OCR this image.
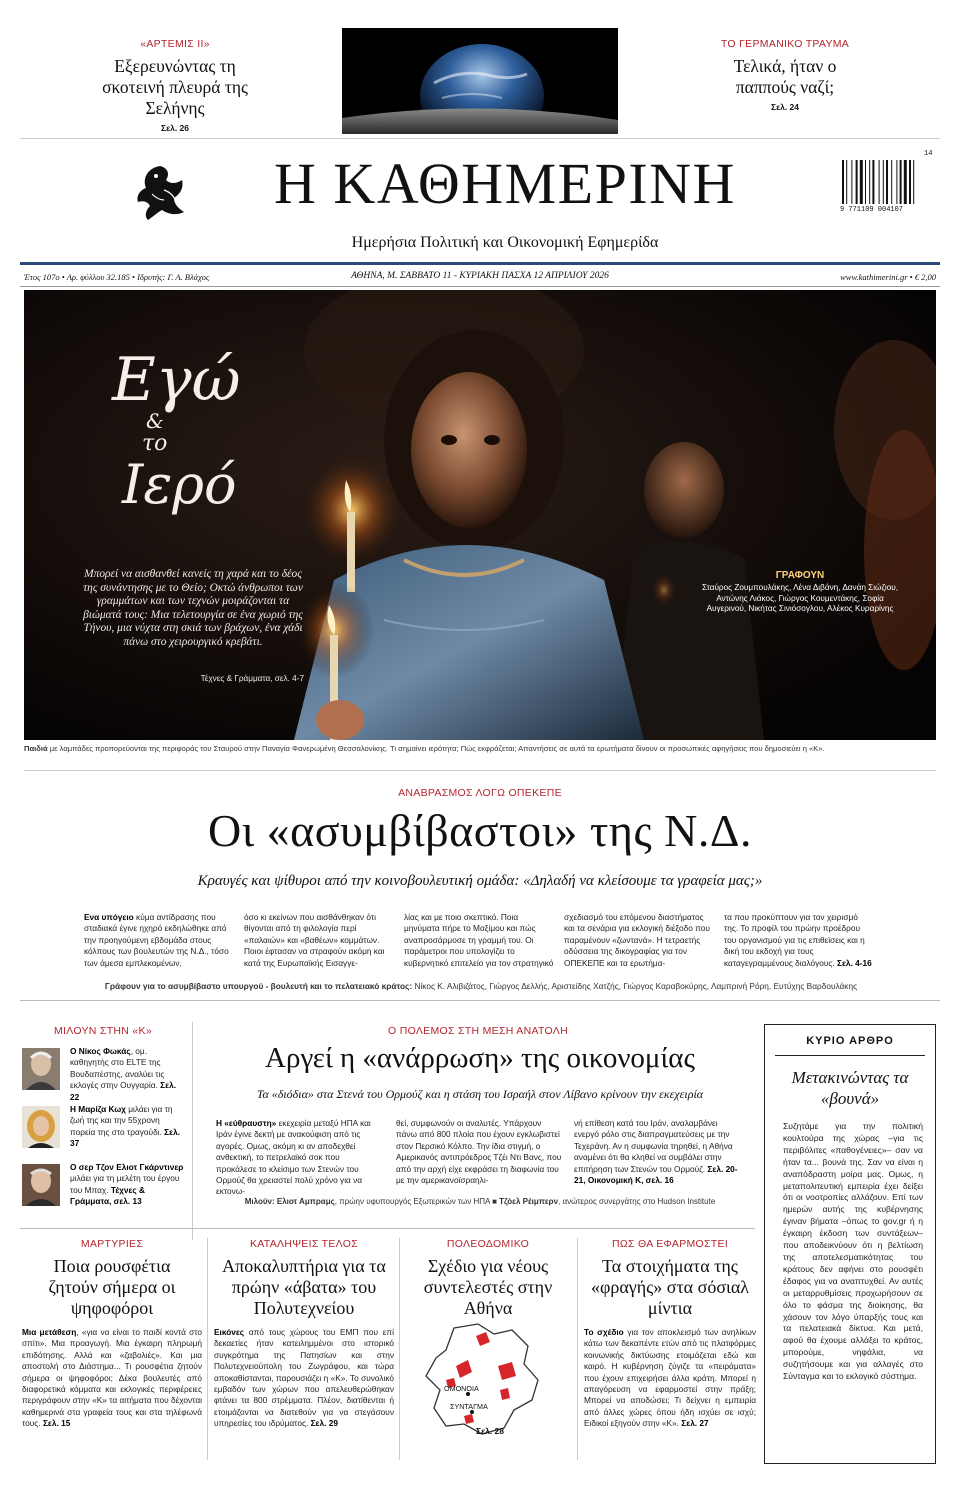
«ΑΡΤΕΜΙΣ ΙΙ»
Εξερευνώντας τη σκοτεινή πλευρά της Σελήνης
Σελ. 26
ΤΟ ΓΕΡΜΑΝΙΚΟ ΤΡΑΥΜΑ
Τελικά, ήταν ο παππούς ναζί;
Σελ. 24
Η ΚΑΘΗΜΕΡΙΝΗ
Ημερήσια Πολιτική και Οικονομική Εφημερίδα
9 771109 004107
14
Έτος 107ο • Αρ. φύλλου 32.185 • Ιδρυτής: Γ. Α. Βλάχος	ΑΘΗΝΑ, Μ. ΣΑΒΒΑΤΟ 11 - ΚΥΡΙΑΚΗ ΠΑΣΧΑ 12 ΑΠΡΙΛΙΟΥ 2026	www.kathimerini.gr • € 2,00
Εγώ
&
το
Ιερό
Μπορεί να αισθανθεί κανείς τη χαρά και το δέος της συνάντησης με το Θείο; Οκτώ άνθρωποι των γραμμάτων και των τεχνών μοιράζονται τα βιώματά τους: Μια τελετουργία σε ένα χωριό της Τήνου, μια νύχτα στη σκιά των βράχων, ένα χάδι πάνω στο χειρουργικό κρεβάτι.
Τέχνες & Γράμματα, σελ. 4-7
ΓΡΑΦΟΥΝ
Σταύρος Ζουμπουλάκης, Λένα Διβάνη, Δανάη Σιώζιου, Αντώνης Λιάκος, Γιώργος Κουμεντάκης, Σοφία Αυγερινού, Νικήτας Σινιόσογλου, Αλέκος Κυραρίνης
Παιδιά με λαμπάδες προπορεύονται της περιφοράς του Σταυρού στην Παναγία Φανερωμένη Θεσσαλονίκης. Τι σημαίνει ιερότητα; Πώς εκφράζεται; Απαντήσεις σε αυτά τα ερωτήματα δίνουν οι προσωπικές αφηγήσεις που δημοσιεύει η «Κ».
ΑΝΑΒΡΑΣΜΟΣ ΛΟΓΩ ΟΠΕΚΕΠΕ
Οι «ασυμβίβαστοι» της Ν.Δ.
Κραυγές και ψίθυροι από την κοινοβουλευτική ομάδα: «Δηλαδή να κλείσουμε τα γραφεία μας;»
Ενα υπόγειο κύμα αντίδρασης που σταδιακά έγινε ηχηρό εκδηλώθηκε από την προηγούμενη εβδομάδα στους κόλπους των βουλευτών της Ν.Δ., τόσο των άμεσα εμπλεκομένων,
όσο κι εκείνων που αισθάνθηκαν ότι θίγονται από τη φιλολογία περί «παλαιών» και «βαθέων» κομμάτων. Ποιοι έφτασαν να στραφούν ακόμη και κατά της Ευρωπαϊκής Εισαγγε-
λίας και με ποιο σκεπτικό. Ποια μηνύματα πήρε το Μαξίμου και πώς αναπροσάρμοσε τη γραμμή του. Οι παράμετροι που υπολογίζει το κυβερνητικό επιτελείο για τον στρατηγικό
σχεδιασμό του επόμενου διαστήματος και τα σενάρια για εκλογική διέξοδο που παραμένουν «ζωντανά». Η τετραετής οδύσσεια της δικογραφίας για τον ΟΠΕΚΕΠΕ και τα ερωτήμα-
τα που προκύπτουν για τον χειρισμό της. Το προφίλ του πρώην προέδρου του οργανισμού για τις επιθεϊσεις και η δική του εκδοχή για τους καταγεγραμμένους διαλόγους. Σελ. 4-16
Γράφουν για το ασυμβίβαστο υπουργού - βουλευτή και το πελατειακό κράτος: Νίκος Κ. Αλιβιζάτος, Γιώργος Δελλής, Αριστείδης Χατζής, Γιώργος Καραβοκύρης, Λαμπρινή Ρόρη, Ευτύχης Βαρδουλάκης
ΜΙΛΟΥΝ ΣΤΗΝ «Κ»
Ο Νίκος Φωκάς, ομ. καθηγητής στο ELTE της Βουδαπέστης, αναλύει τις εκλογές στην Ουγγαρία. Σελ. 22
Η Μαρίζα Κωχ μιλάει για τη ζωή της και την 55χρονη πορεία της στο τραγούδι. Σελ. 37
Ο σερ Τζον Ελιοτ Γκάρντινερ μιλάει για τη μελέτη του έργου του Μπαχ. Τέχνες & Γράμματα, σελ. 13
Ο ΠΟΛΕΜΟΣ ΣΤΗ ΜΕΣΗ ΑΝΑΤΟΛΗ
Αργεί η «ανάρρωση» της οικονομίας
Τα «διόδια» στα Στενά του Ορμούζ και η στάση του Ισραήλ στον Λίβανο κρίνουν την εκεχειρία
Η «εύθραυστη» εκεχειρία μεταξύ ΗΠΑ και Ιράν έγινε δεκτή με ανακούφιση από τις αγορές. Ομως, ακόμη κι αν αποδεχθεί ανθεκτική, το πετρελαϊκό σοκ που προκάλεσε το κλείσιμο των Στενών του Ορμούζ θα χρειαστεί πολύ χρόνο για να εκτονω-
θεί, συμφωνούν οι αναλυτές. Υπάρχουν πάνω από 800 πλοία που έχουν εγκλωβιστεί στον Περσικό Κόλπο. Την ίδια στιγμή, ο Αμερικανός αντιπρόεδρος Τζέι Ντι Βανς, που από την αρχή είχε εκφράσει τη διαφωνία του με την αμερικανοϊσραηλι-
νή επίθεση κατά του Ιράν, αναλαμβάνει ενεργό ρόλο στις διαπραγματεύσεις με την Τεχεράνη. Αν η συμφωνία τηρηθεί, η Αθήνα αναμένει ότι θα κληθεί να συμβάλει στην επιτήρηση των Στενών του Ορμούζ. Σελ. 20-21, Οικονομική Κ, σελ. 16
Μιλούν: Ελιοτ Αμπραμς, πρώην υφυπουργός Εξωτερικών των ΗΠΑ ■ Τζόελ Ρέιμπερν, ανώτερος συνεργάτης στο Hudson Institute
ΚΥΡΙΟ ΑΡΘΡΟ
Μετακινώντας τα «βουνά»
Συζητάμε για την πολιτική κουλτούρα της χώρας –για τις περιβόλιτες «παθογένειες»– σαν να ήταν τα... βουνά της. Σαν να είναι η αναπόδραστη μοίρα μας. Ομως, η μεταπολιτευτική εμπειρία έχει δείξει ότι οι νοοτροπίες αλλάζουν. Επί των ημερών αυτής της κυβέρνησης έγιναν βήματα –όπως το gov.gr ή η έγκαιρη έκδοση των συντάξεων– που αποδεικνύουν ότι η βελτίωση της αποτελεσματικότητας του κράτους δεν αφήνει στο ρουσφέτι έδαφος για να αναπτυχθεί. Αν αυτές οι μεταρρυθμίσεις προχωρήσουν σε όλο το φάσμα της διοίκησης, θα χάσουν τον λόγο ύπαρξής τους και τα πελατειακά δίκτυα. Και μετά, αφού θα έχουμε αλλάξει το κράτος, μπορούμε, νηφάλια, να συζητήσουμε και για αλλαγές στο Σύνταγμα και το εκλογικό σύστημα.
ΜΑΡΤΥΡΙΕΣ
Ποια ρουσφέτια ζητούν σήμερα οι ψηφοφόροι
Μια μετάθεση, «για να είναι το παιδί κοντά στο σπίτι». Μια προαγωγή. Μια έγκαιρη πληρωμή επιδότησης. Αλλά και «ζαβολιές». Και μια αποστολή στο Διάστημα... Τι ρουσφέτια ζητούν σήμερα οι ψηφοφόροι; Δέκα βουλευτές από διαφορετικά κόμματα και εκλογικές περιφέρειες περιγράφουν στην «Κ» τα αιτήματα που δέχονται καθημερινά στα γραφεία τους και στα τηλέφωνά τους. Σελ. 15
ΚΑΤΑΛΗΨΕΙΣ ΤΕΛΟΣ
Αποκαλυπτήρια για τα πρώην «άβατα» του Πολυτεχνείου
Εικόνες από τους χώρους του ΕΜΠ που επί δεκαετίες ήταν κατειλημμένοι στο ιστορικό συγκρότημα της Πατησίων και στην Πολυτεχνειούπολη του Ζωγράφου, και τώρα αποκαθίστανται, παρουσιάζει η «Κ». Το συνολικό εμβαδόν των χώρων που απελευθερώθηκαν φτάνει τα 800 στρέμματα. Πλέον, διατίθενται ή ετοιμάζονται να διατεθούν για να στεγάσουν υπηρεσίες του ιδρύματος. Σελ. 29
ΠΟΛΕΟΔΟΜΙΚΟ
Σχέδιο για νέους συντελεστές στην Αθήνα
ΟΜΟΝΟΙΑ
ΣΥΝΤΑΓΜΑ
Σελ. 28
ΠΩΣ ΘΑ ΕΦΑΡΜΟΣΤΕΙ
Τα στοιχήματα της «φραγής» στα σόσιαλ μίντια
Το σχέδιο για τον αποκλεισμό των ανηλίκων κάτω των δεκαπέντε ετών από τις πλατφόρμες κοινωνικής δικτύωσης ετοιμάζεται εδώ και καιρό. Η κυβέρνηση ζύγιζε τα «πειράματα» που έχουν επιχειρήσει άλλα κράτη. Μπορεί η απαγόρευση να εφαρμοστεί στην πράξη; Μπορεί να αποδώσει; Τι δείχνει η εμπειρία από άλλες χώρες όπου ήδη ισχύει σε ισχύ; Ειδικοί εξηγούν στην «Κ». Σελ. 27
